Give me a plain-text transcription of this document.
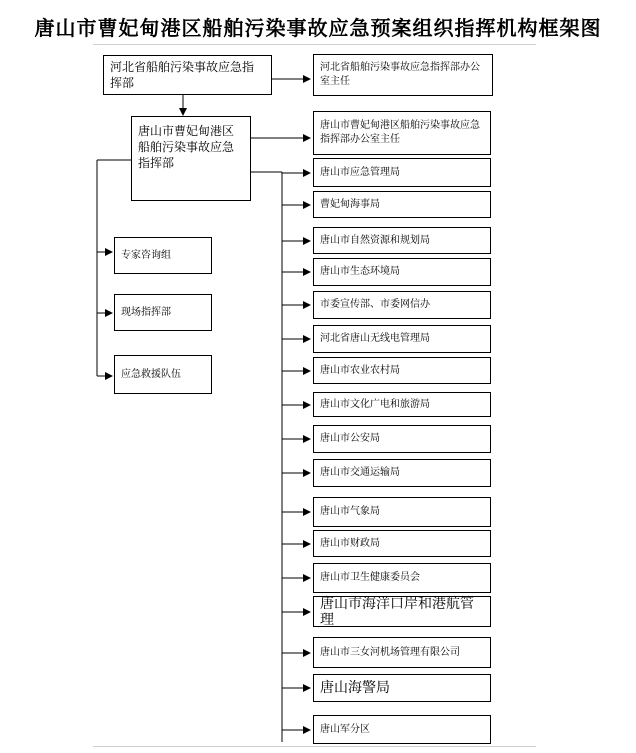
唐山市曹妃甸港区船舶污染事故应急预案组织指挥机构框架图
河北省船舶污染事故应急指挥部
河北省船舶污染事故应急指挥部办公室主任
唐山市曹妃甸港区船舶污染事故应急指挥部
唐山市曹妃甸港区船舶污染事故应急指挥部办公室主任
专家咨询组
现场指挥部
应急救援队伍
唐山市应急管理局
曹妃甸海事局
唐山市自然资源和规划局
唐山市生态环境局
市委宣传部、市委网信办
河北省唐山无线电管理局
唐山市农业农村局
唐山市文化广电和旅游局
唐山市公安局
唐山市交通运输局
唐山市气象局
唐山市财政局
唐山市卫生健康委员会
唐山市海洋口岸和港航管理
唐山市三女河机场管理有限公司
唐山海警局
唐山军分区
